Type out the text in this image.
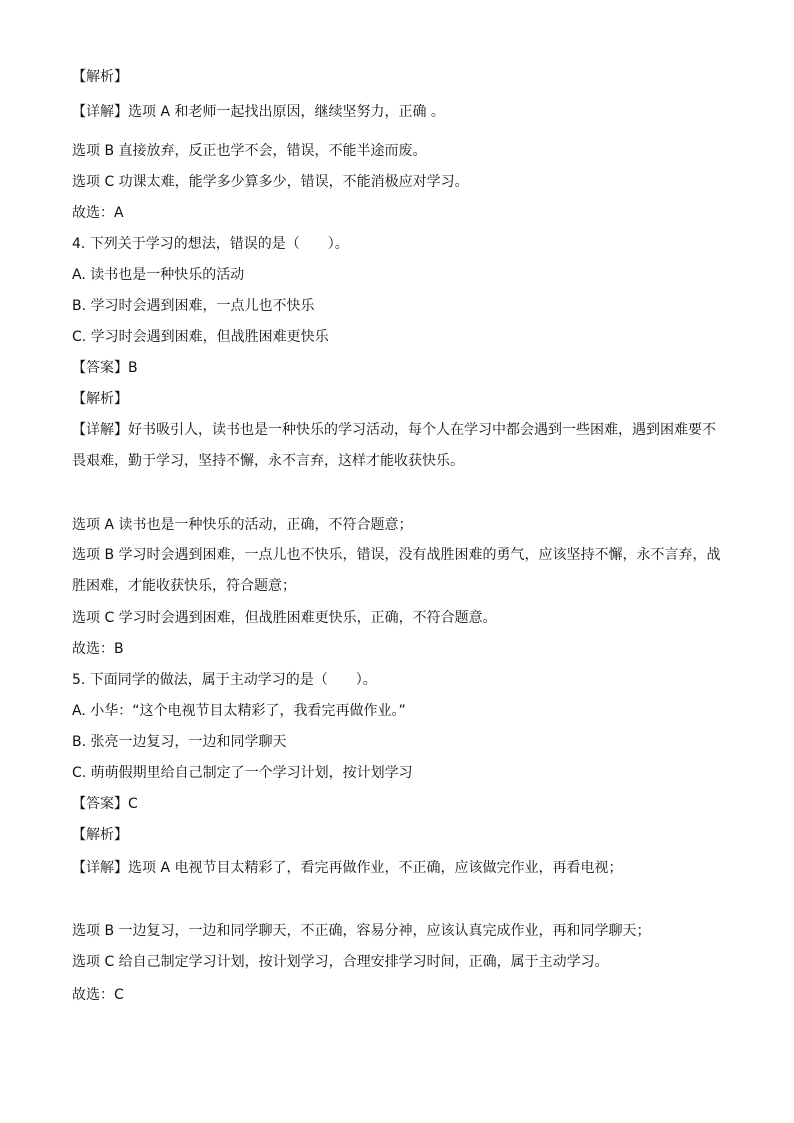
【解析】

【详解】选项 A 和老师一起找出原因，继续坚努力，正确 。

选项 B 直接放弃，反正也学不会，错误，不能半途而废。

选项 C 功课太难，能学多少算多少，错误，不能消极应对学习。

故选：A

4. 下列关于学习的想法，错误的是（　　）。

A. 读书也是一种快乐的活动

B. 学习时会遇到困难，一点儿也不快乐

C. 学习时会遇到困难，但战胜困难更快乐

【答案】B

【解析】

【详解】好书吸引人，读书也是一种快乐的学习活动，每个人在学习中都会遇到一些困难，遇到困难要不畏艰难，勤于学习，坚持不懈，永不言弃，这样才能收获快乐。

选项 A 读书也是一种快乐的活动，正确，不符合题意；

选项 B 学习时会遇到困难，一点儿也不快乐，错误，没有战胜困难的勇气，应该坚持不懈，永不言弃，战胜困难，才能收获快乐，符合题意；

选项 C 学习时会遇到困难，但战胜困难更快乐，正确，不符合题意。

故选：B

5. 下面同学的做法，属于主动学习的是（　　）。

A. 小华：“这个电视节目太精彩了，我看完再做作业。”

B. 张亮一边复习，一边和同学聊天

C. 萌萌假期里给自己制定了一个学习计划，按计划学习

【答案】C

【解析】

【详解】选项 A 电视节目太精彩了，看完再做作业，不正确，应该做完作业，再看电视；

选项 B 一边复习，一边和同学聊天，不正确，容易分神，应该认真完成作业，再和同学聊天；

选项 C 给自己制定学习计划，按计划学习，合理安排学习时间，正确，属于主动学习。

故选：C
